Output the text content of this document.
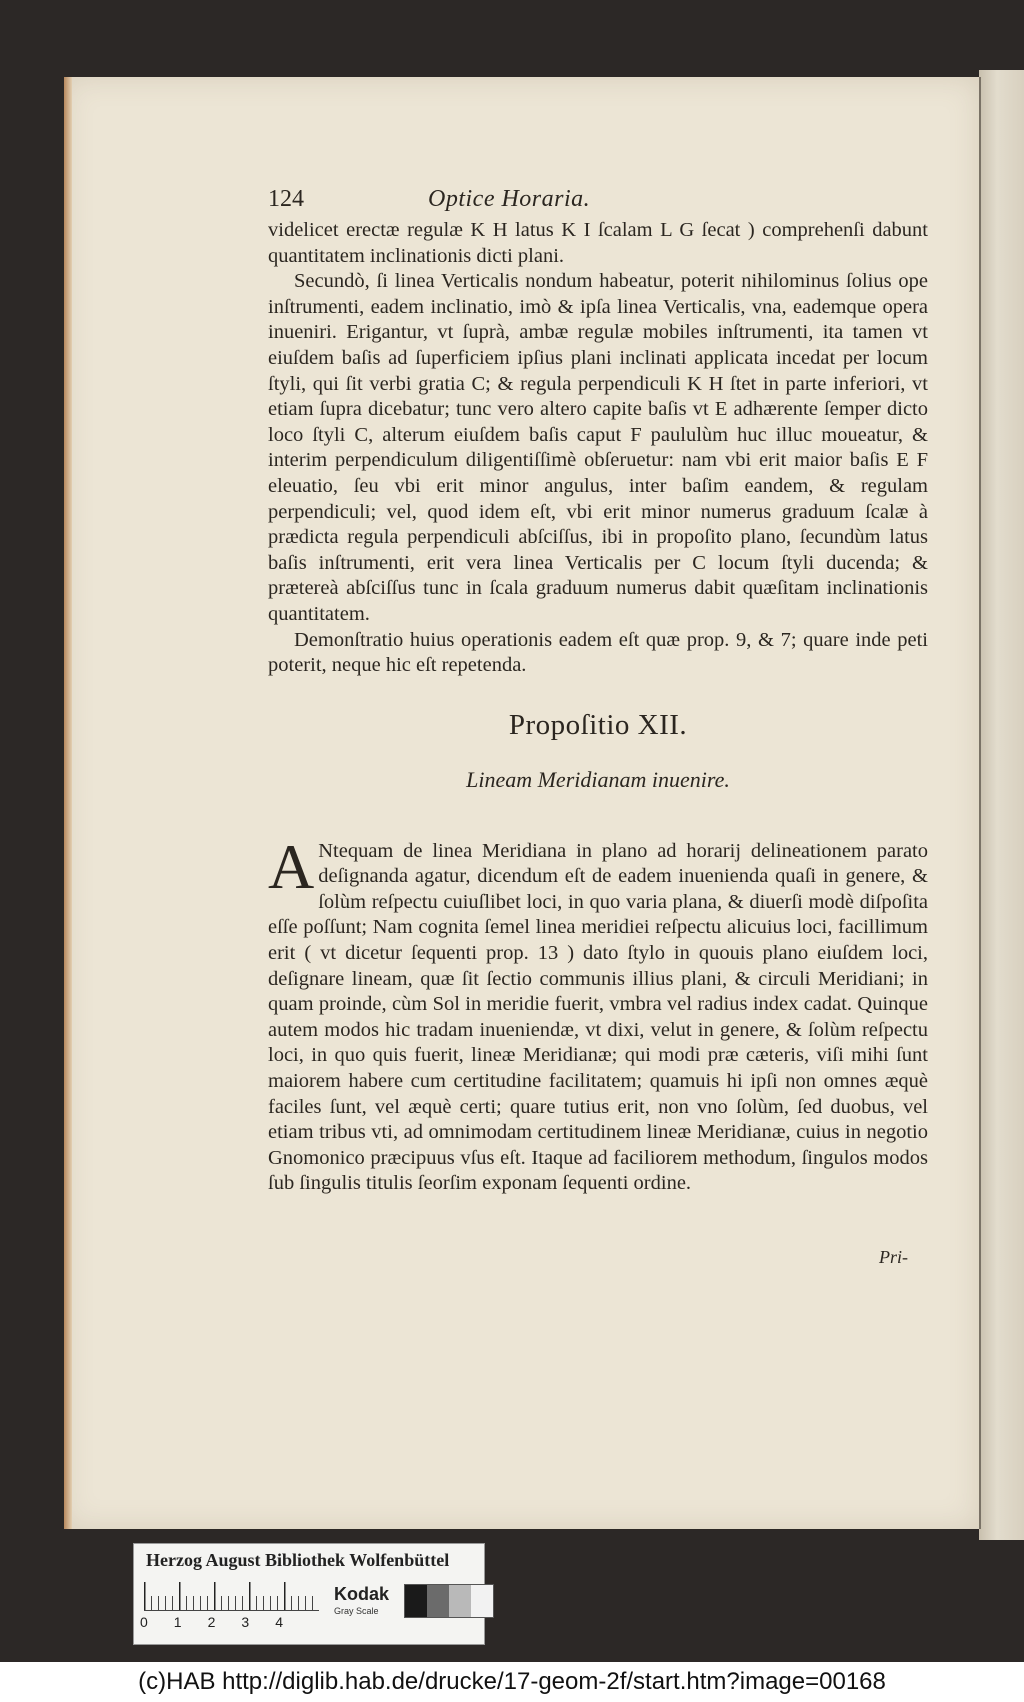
124	Optice Horaria.

videlicet erectæ regulæ K H latus K I ſcalam L G ſecat ) comprehenſi dabunt quantitatem inclinationis dicti plani.

Secundò, ſi linea Verticalis nondum habeatur, poterit nihilominus ſolius ope inſtrumenti, eadem inclinatio, imò & ipſa linea Verticalis, vna, eademque opera inueniri. Erigantur, vt ſuprà, ambæ regulæ mobiles inſtrumenti, ita tamen vt eiuſdem baſis ad ſuperficiem ipſius plani inclinati applicata incedat per locum ſtyli, qui ſit verbi gratia C; & regula perpendiculi K H ſtet in parte inferiori, vt etiam ſupra dicebatur; tunc vero altero capite baſis vt E adhærente ſemper dicto loco ſtyli C, alterum eiuſdem baſis caput F paululùm huc illuc moueatur, & interim perpendiculum diligentiſſimè obſeruetur: nam vbi erit maior baſis E F eleuatio, ſeu vbi erit minor angulus, inter baſim eandem, & regulam perpendiculi; vel, quod idem eſt, vbi erit minor numerus graduum ſcalæ à prædicta regula perpendiculi abſciſſus, ibi in propoſito plano, ſecundùm latus baſis inſtrumenti, erit vera linea Verticalis per C locum ſtyli ducenda; & prætereà abſciſſus tunc in ſcala graduum numerus dabit quæſitam inclinationis quantitatem.

Demonſtratio huius operationis eadem eſt quæ prop. 9, & 7; quare inde peti poterit, neque hic eſt repetenda.

Propoſitio XII.
Lineam Meridianam inuenire.
A Ntequam de linea Meridiana in plano ad horarij delineationem parato deſignanda agatur, dicendum eſt de eadem inuenienda quaſi in genere, & ſolùm reſpectu cuiuſlibet loci, in quo varia plana, & diuerſi modè diſpoſita eſſe poſſunt; Nam cognita ſemel linea meridiei reſpectu alicuius loci, facillimum erit ( vt dicetur ſequenti prop. 13 ) dato ſtylo in quouis plano eiuſdem loci, deſignare lineam, quæ ſit ſectio communis illius plani, & circuli Meridiani; in quam proinde, cùm Sol in meridie fuerit, vmbra vel radius index cadat. Quinque autem modos hic tradam inueniendæ, vt dixi, velut in genere, & ſolùm reſpectu loci, in quo quis fuerit, lineæ Meridianæ; qui modi præ cæteris, viſi mihi ſunt maiorem habere cum certitudine facilitatem; quamuis hi ipſi non omnes æquè faciles ſunt, vel æquè certi; quare tutius erit, non vno ſolùm, ſed duobus, vel etiam tribus vti, ad omnimodam certitudinem lineæ Meridianæ, cuius in negotio Gnomonico præcipuus vſus eſt. Itaque ad faciliorem methodum, ſingulos modos ſub ſingulis titulis ſeorſim exponam ſequenti ordine.

Pri-
Herzog August Bibliothek Wolfenbüttel
0 1 2 3 4
Kodak
Gray Scale
(c)HAB http://diglib.hab.de/drucke/17-geom-2f/start.htm?image=00168
